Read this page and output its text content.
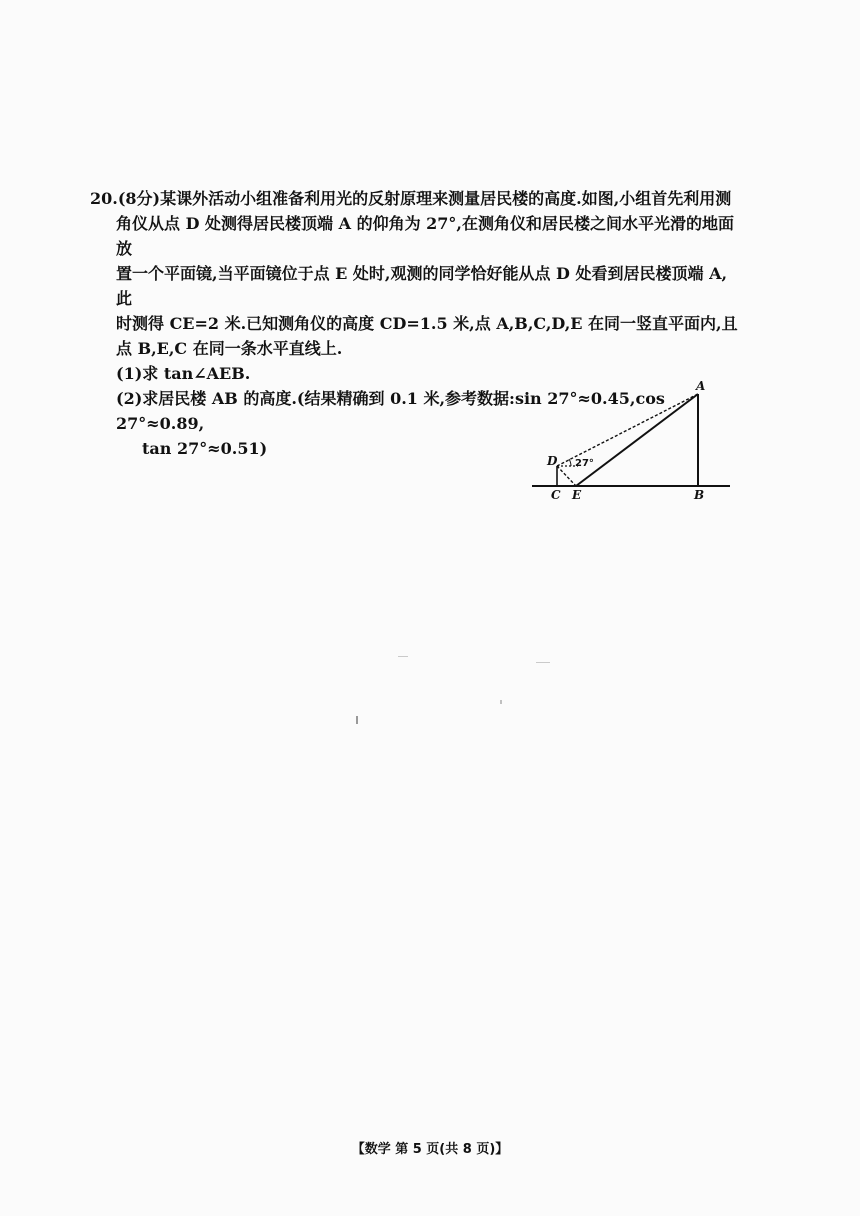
20.(8分)某课外活动小组准备利用光的反射原理来测量居民楼的高度.如图,小组首先利用测

角仪从点 D 处测得居民楼顶端 A 的仰角为 27°,在测角仪和居民楼之间水平光滑的地面放

置一个平面镜,当平面镜位于点 E 处时,观测的同学恰好能从点 D 处看到居民楼顶端 A,此

时测得 CE=2 米.已知测角仪的高度 CD=1.5 米,点 A,B,C,D,E 在同一竖直平面内,且

点 B,E,C 在同一条水平直线上.

(1)求 tan∠AEB.

(2)求居民楼 AB 的高度.(结果精确到 0.1 米,参考数据:sin 27°≈0.45,cos 27°≈0.89,

tan 27°≈0.51)

A
B
C
D
E
27°
【数学 第 5 页(共 8 页)】
